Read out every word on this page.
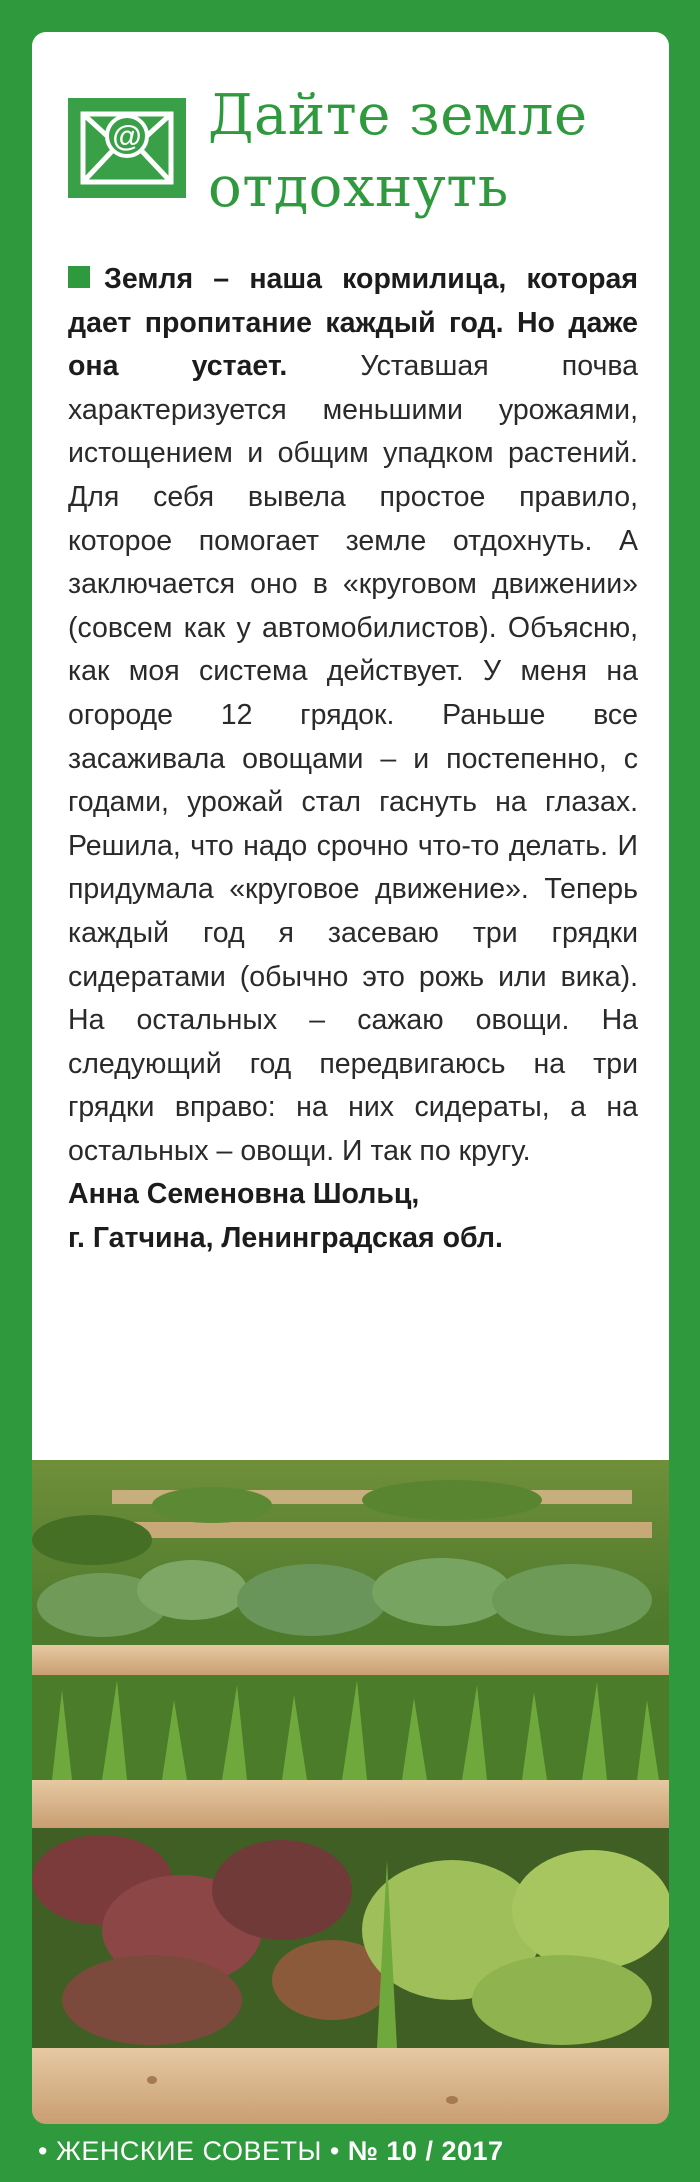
@ Дайте земле
отдохнуть

Земля – наша кормилица, которая дает пропитание каждый год. Но даже она устает. Уставшая почва характеризуется меньшими урожаями, истощением и общим упадком растений. Для себя вывела простое правило, которое помогает земле отдохнуть. А заключается оно в «круговом движении» (совсем как у автомобилистов). Объясню, как моя система действует. У меня на огороде 12 грядок. Раньше все засаживала овощами – и постепенно, с годами, урожай стал гаснуть на глазах. Решила, что надо срочно что-то делать. И придумала «круговое движение». Теперь каждый год я засеваю три грядки сидератами (обычно это рожь или вика). На остальных – сажаю овощи. На следующий год передвигаюсь на три грядки вправо: на них сидераты, а на остальных – овощи. И так по кругу.

Анна Семеновна Шольц,
г. Гатчина, Ленинградская обл.
• ЖЕНСКИЕ СОВЕТЫ • № 10 / 2017
